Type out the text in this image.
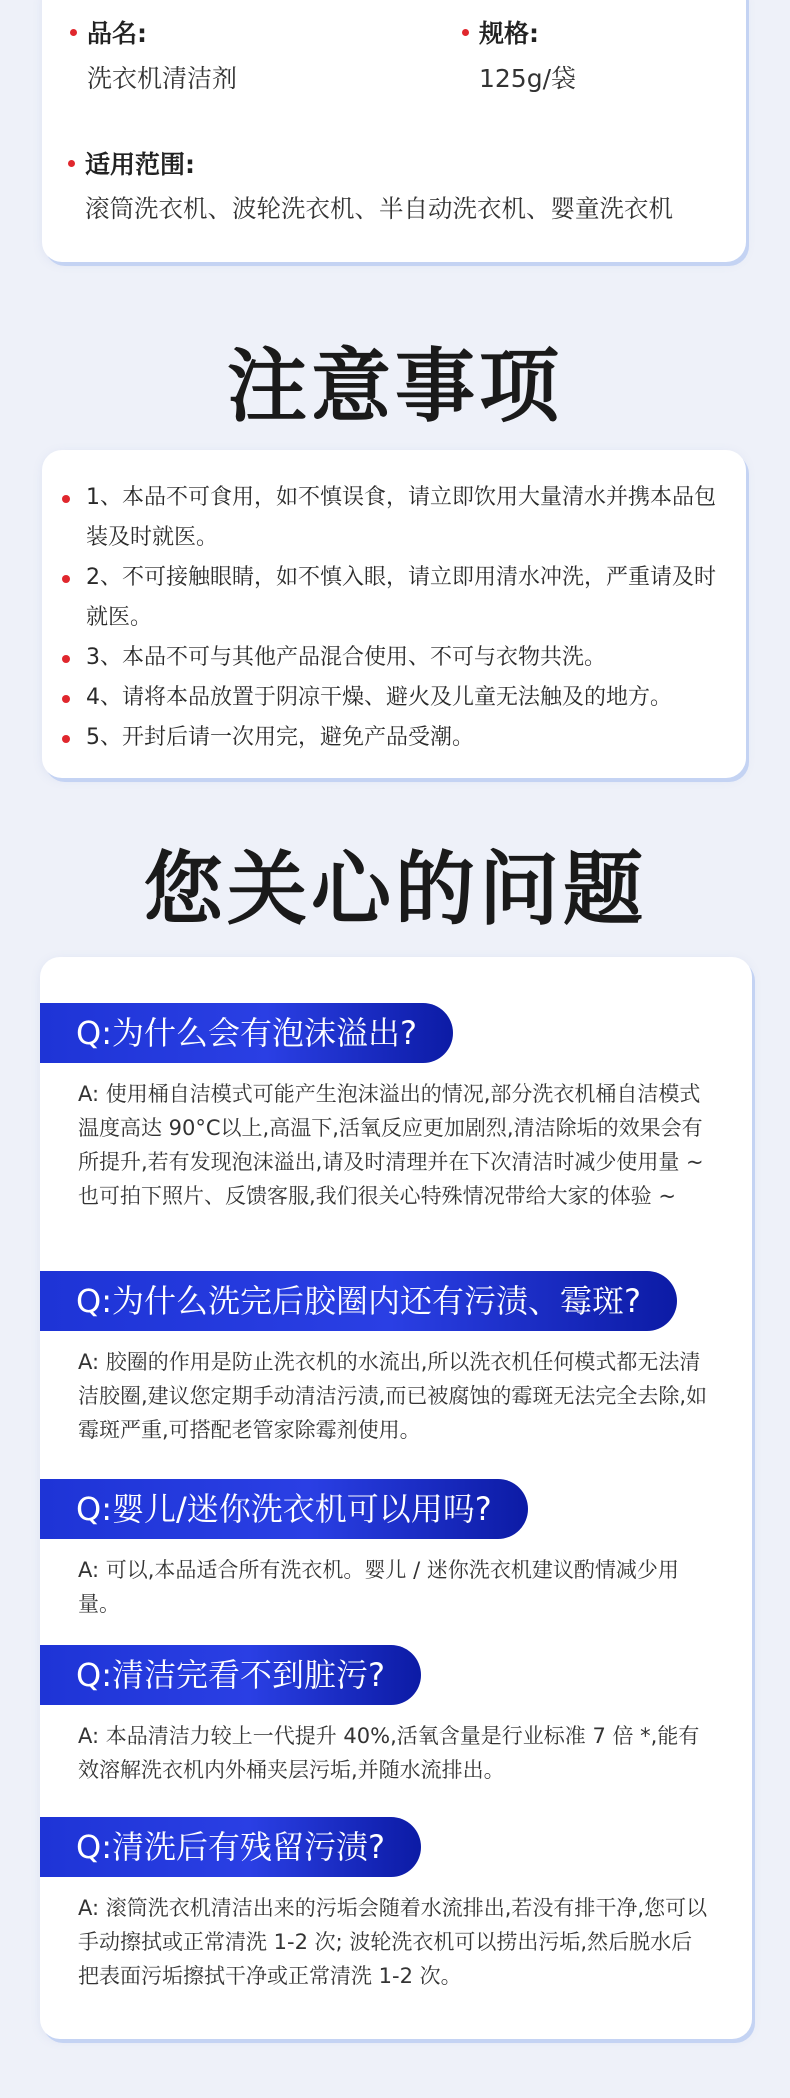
品名:
洗衣机清洁剂
规格:
125g/袋
适用范围:
滚筒洗衣机、波轮洗衣机、半自动洗衣机、婴童洗衣机
注意事项
1、本品不可食用，如不慎误食，请立即饮用大量清水并携本品包装及时就医。
2、不可接触眼睛，如不慎入眼，请立即用清水冲洗，严重请及时就医。
3、本品不可与其他产品混合使用、不可与衣物共洗。
4、请将本品放置于阴凉干燥、避火及儿童无法触及的地方。
5、开封后请一次用完，避免产品受潮。
您关心的问题
Q:为什么会有泡沫溢出?
A: 使用桶自洁模式可能产生泡沫溢出的情况,部分洗衣机桶自洁模式温度高达 90°C以上,高温下,活氧反应更加剧烈,清洁除垢的效果会有所提升,若有发现泡沫溢出,请及时清理并在下次清洁时减少使用量 ~ 也可拍下照片、反馈客服,我们很关心特殊情况带给大家的体验 ~
Q:为什么洗完后胶圈内还有污渍、霉斑?
A: 胶圈的作用是防止洗衣机的水流出,所以洗衣机任何模式都无法清洁胶圈,建议您定期手动清洁污渍,而已被腐蚀的霉斑无法完全去除,如霉斑严重,可搭配老管家除霉剂使用。
Q:婴儿/迷你洗衣机可以用吗?
A: 可以,本品适合所有洗衣机。婴儿 / 迷你洗衣机建议酌情减少用量。
Q:清洁完看不到脏污?
A: 本品清洁力较上一代提升 40%,活氧含量是行业标准 7 倍 *,能有效溶解洗衣机内外桶夹层污垢,并随水流排出。
Q:清洗后有残留污渍?
A: 滚筒洗衣机清洁出来的污垢会随着水流排出,若没有排干净,您可以手动擦拭或正常清洗 1-2 次; 波轮洗衣机可以捞出污垢,然后脱水后把表面污垢擦拭干净或正常清洗 1-2 次。
